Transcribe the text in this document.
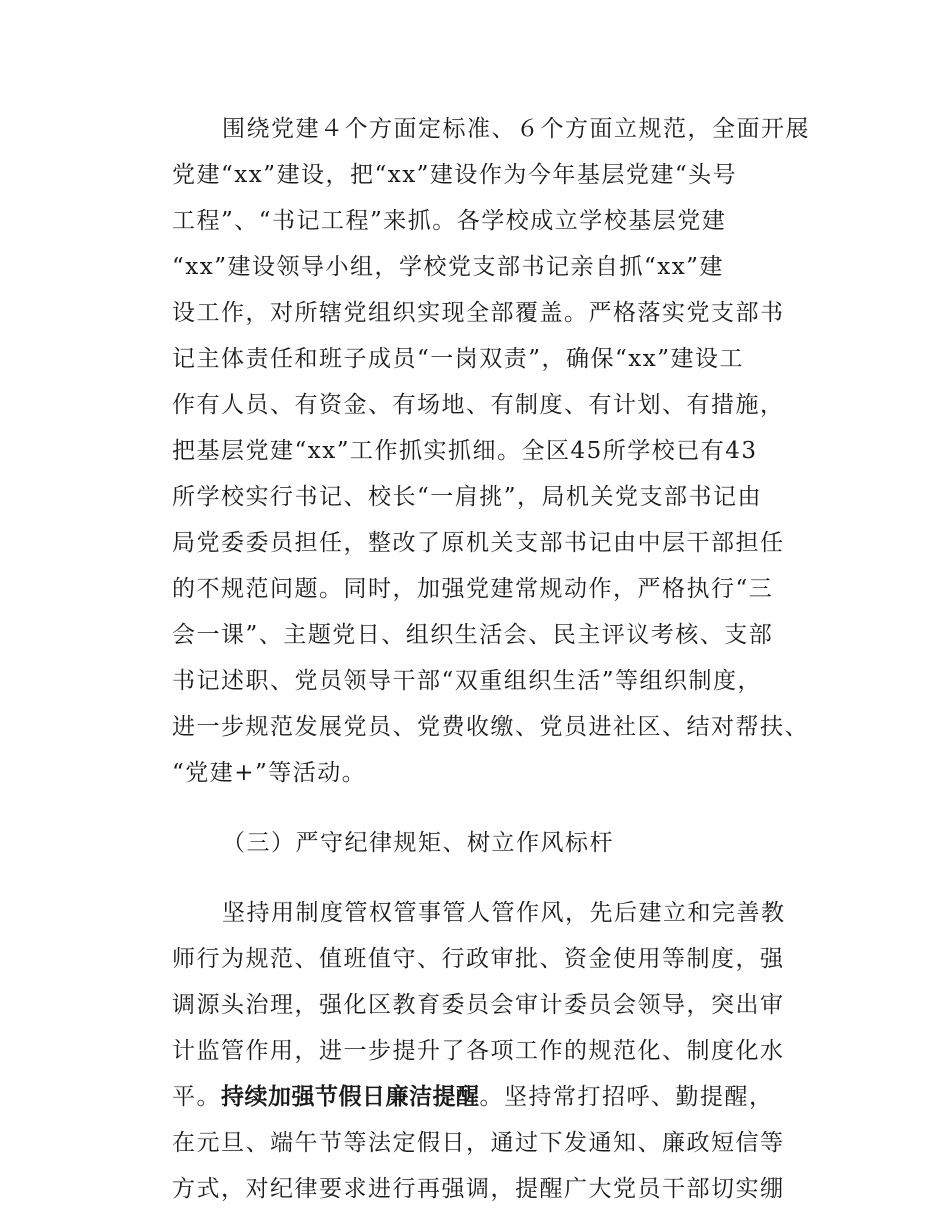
围绕党建４个方面定标准、６个方面立规范，全面开展
党建“xx”建设，把“xx”建设作为今年基层党建“头号
工程”、“书记工程”来抓。各学校成立学校基层党建
“xx”建设领导小组，学校党支部书记亲自抓“xx”建
设工作，对所辖党组织实现全部覆盖。严格落实党支部书
记主体责任和班子成员“一岗双责”，确保“xx”建设工
作有人员、有资金、有场地、有制度、有计划、有措施，
把基层党建“xx”工作抓实抓细。全区45所学校已有43
所学校实行书记、校长“一肩挑”，局机关党支部书记由
局党委委员担任，整改了原机关支部书记由中层干部担任
的不规范问题。同时，加强党建常规动作，严格执行“三
会一课”、主题党日、组织生活会、民主评议考核、支部
书记述职、党员领导干部“双重组织生活”等组织制度，
进一步规范发展党员、党费收缴、党员进社区、结对帮扶、
“党建+”等活动。
（三）严守纪律规矩、树立作风标杆
坚持用制度管权管事管人管作风，先后建立和完善教
师行为规范、值班值守、行政审批、资金使用等制度，强
调源头治理，强化区教育委员会审计委员会领导，突出审
计监管作用，进一步提升了各项工作的规范化、制度化水
平。持续加强节假日廉洁提醒。坚持常打招呼、勤提醒，
在元旦、端午节等法定假日，通过下发通知、廉政短信等
方式，对纪律要求进行再强调，提醒广大党员干部切实绷
